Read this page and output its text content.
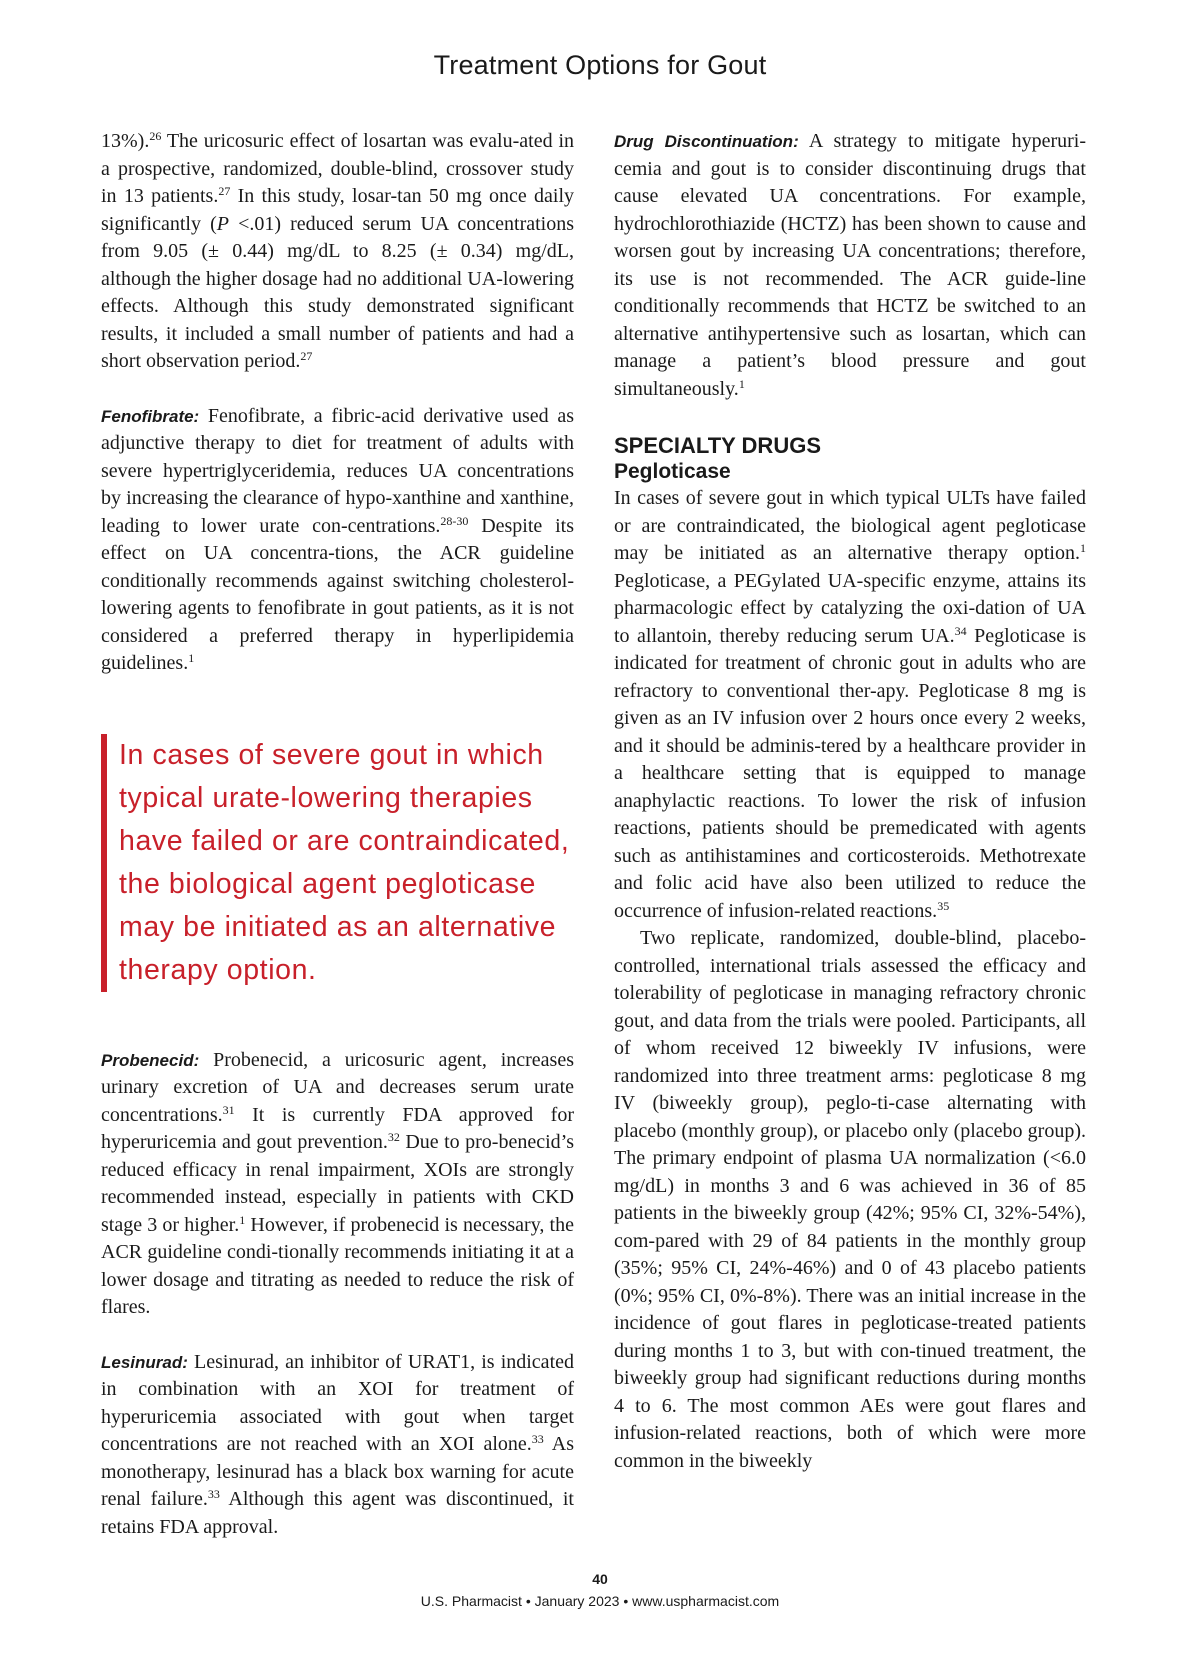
Treatment Options for Gout

13%).$^{26}$ The uricosuric effect of losartan was evalu-ated in a prospective, randomized, double-blind, crossover study in 13 patients.$^{27}$ In this study, losar-tan 50 mg once daily significantly (P <.01) reduced serum UA concentrations from 9.05 (± 0.44) mg/dL to 8.25 (± 0.34) mg/dL, although the higher dosage had no additional UA-lowering effects. Although this study demonstrated significant results, it included a small number of patients and had a short observation period.$^{27}$

Fenofibrate: Fenofibrate, a fibric-acid derivative used as adjunctive therapy to diet for treatment of adults with severe hypertriglyceridemia, reduces UA concentrations by increasing the clearance of hypo-xanthine and xanthine, leading to lower urate con-centrations.$^{28-30}$ Despite its effect on UA concentra-tions, the ACR guideline conditionally recommends against switching cholesterol-lowering agents to fenofibrate in gout patients, as it is not considered a preferred therapy in hyperlipidemia guidelines.$^1$

In cases of severe gout in which typical urate-lowering therapies have failed or are contraindicated, the biological agent pegloticase may be initiated as an alternative therapy option.

Probenecid: Probenecid, a uricosuric agent, increases urinary excretion of UA and decreases serum urate concentrations.$^{31}$ It is currently FDA approved for hyperuricemia and gout prevention.$^{32}$ Due to pro-benecid’s reduced efficacy in renal impairment, XOIs are strongly recommended instead, especially in patients with CKD stage 3 or higher.$^1$ However, if probenecid is necessary, the ACR guideline condi-tionally recommends initiating it at a lower dosage and titrating as needed to reduce the risk of flares.

Lesinurad: Lesinurad, an inhibitor of URAT1, is indicated in combination with an XOI for treatment of hyperuricemia associated with gout when target concentrations are not reached with an XOI alone.$^{33}$ As monotherapy, lesinurad has a black box warning for acute renal failure.$^{33}$ Although this agent was discontinued, it retains FDA approval.

Drug Discontinuation: A strategy to mitigate hyperuri-cemia and gout is to consider discontinuing drugs that cause elevated UA concentrations. For example, hydrochlorothiazide (HCTZ) has been shown to cause and worsen gout by increasing UA concentrations; therefore, its use is not recommended. The ACR guide-line conditionally recommends that HCTZ be switched to an alternative antihypertensive such as losartan, which can manage a patient’s blood pressure and gout simultaneously.$^1$

SPECIALTY DRUGS
Pegloticase

In cases of severe gout in which typical ULTs have failed or are contraindicated, the biological agent pegloticase may be initiated as an alternative therapy option.$^1$ Pegloticase, a PEGylated UA-specific enzyme, attains its pharmacologic effect by catalyzing the oxi-dation of UA to allantoin, thereby reducing serum UA.$^{34}$ Pegloticase is indicated for treatment of chronic gout in adults who are refractory to conventional ther-apy. Pegloticase 8 mg is given as an IV infusion over 2 hours once every 2 weeks, and it should be adminis-tered by a healthcare provider in a healthcare setting that is equipped to manage anaphylactic reactions. To lower the risk of infusion reactions, patients should be premedicated with agents such as antihistamines and corticosteroids. Methotrexate and folic acid have also been utilized to reduce the occurrence of infusion-related reactions.$^{35}$

Two replicate, randomized, double-blind, placebo-controlled, international trials assessed the efficacy and tolerability of pegloticase in managing refractory chronic gout, and data from the trials were pooled. Participants, all of whom received 12 biweekly IV infusions, were randomized into three treatment arms: pegloticase 8 mg IV (biweekly group), peglo-ti-case alternating with placebo (monthly group), or placebo only (placebo group). The primary endpoint of plasma UA normalization (<6.0 mg/dL) in months 3 and 6 was achieved in 36 of 85 patients in the biweekly group (42%; 95% CI, 32%-54%), com-pared with 29 of 84 patients in the monthly group (35%; 95% CI, 24%-46%) and 0 of 43 placebo patients (0%; 95% CI, 0%-8%). There was an initial increase in the incidence of gout flares in pegloticase-treated patients during months 1 to 3, but with con-tinued treatment, the biweekly group had significant reductions during months 4 to 6. The most common AEs were gout flares and infusion-related reactions, both of which were more common in the biweekly

40
U.S. Pharmacist • January 2023 • www.uspharmacist.com
